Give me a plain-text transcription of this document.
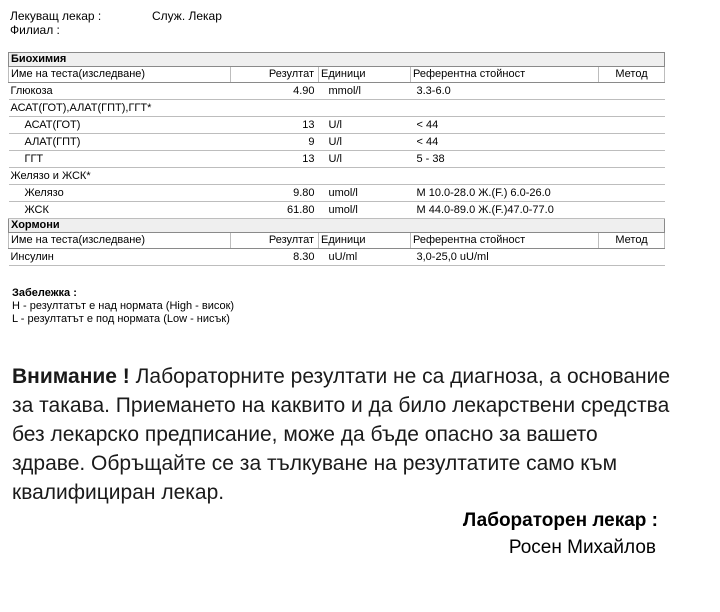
Лекуващ лекар :	Служ. Лекар
Филиал :
Биохимия				
Име на теста(изследване)	Резултат	Единици	Референтна стойност	Метод
Глюкоза	4.90	mmol/l	3.3-6.0	
АСАТ(ГОТ),АЛАТ(ГПТ),ГГТ*				
АСАТ(ГОТ)	13	U/l	< 44	
АЛАТ(ГПТ)	9	U/l	< 44	
ГГТ	13	U/l	5 - 38	
Желязо и ЖСК*				
Желязо	9.80	umol/l	М 10.0-28.0 Ж.(F.) 6.0-26.0	
ЖСК	61.80	umol/l	М 44.0-89.0 Ж.(F.)47.0-77.0	
Хормони				
Име на теста(изследване)	Резултат	Единици	Референтна стойност	Метод
Инсулин	8.30	uU/ml	3,0-25,0 uU/ml	
Забележка :
H - резултатът е над нормата (High - висок)
L - резултатът е под нормата (Low - нисък)
Внимание ! Лабораторните резултати не са диагноза, а основание за такава. Приемането на каквито и да било лекарствени средства без лекарско предписание, може да бъде опасно за вашето здраве. Обръщайте се за тълкуване на резултатите само към квалифициран лекар.
Лабораторен лекар :
Росен Михайлов
